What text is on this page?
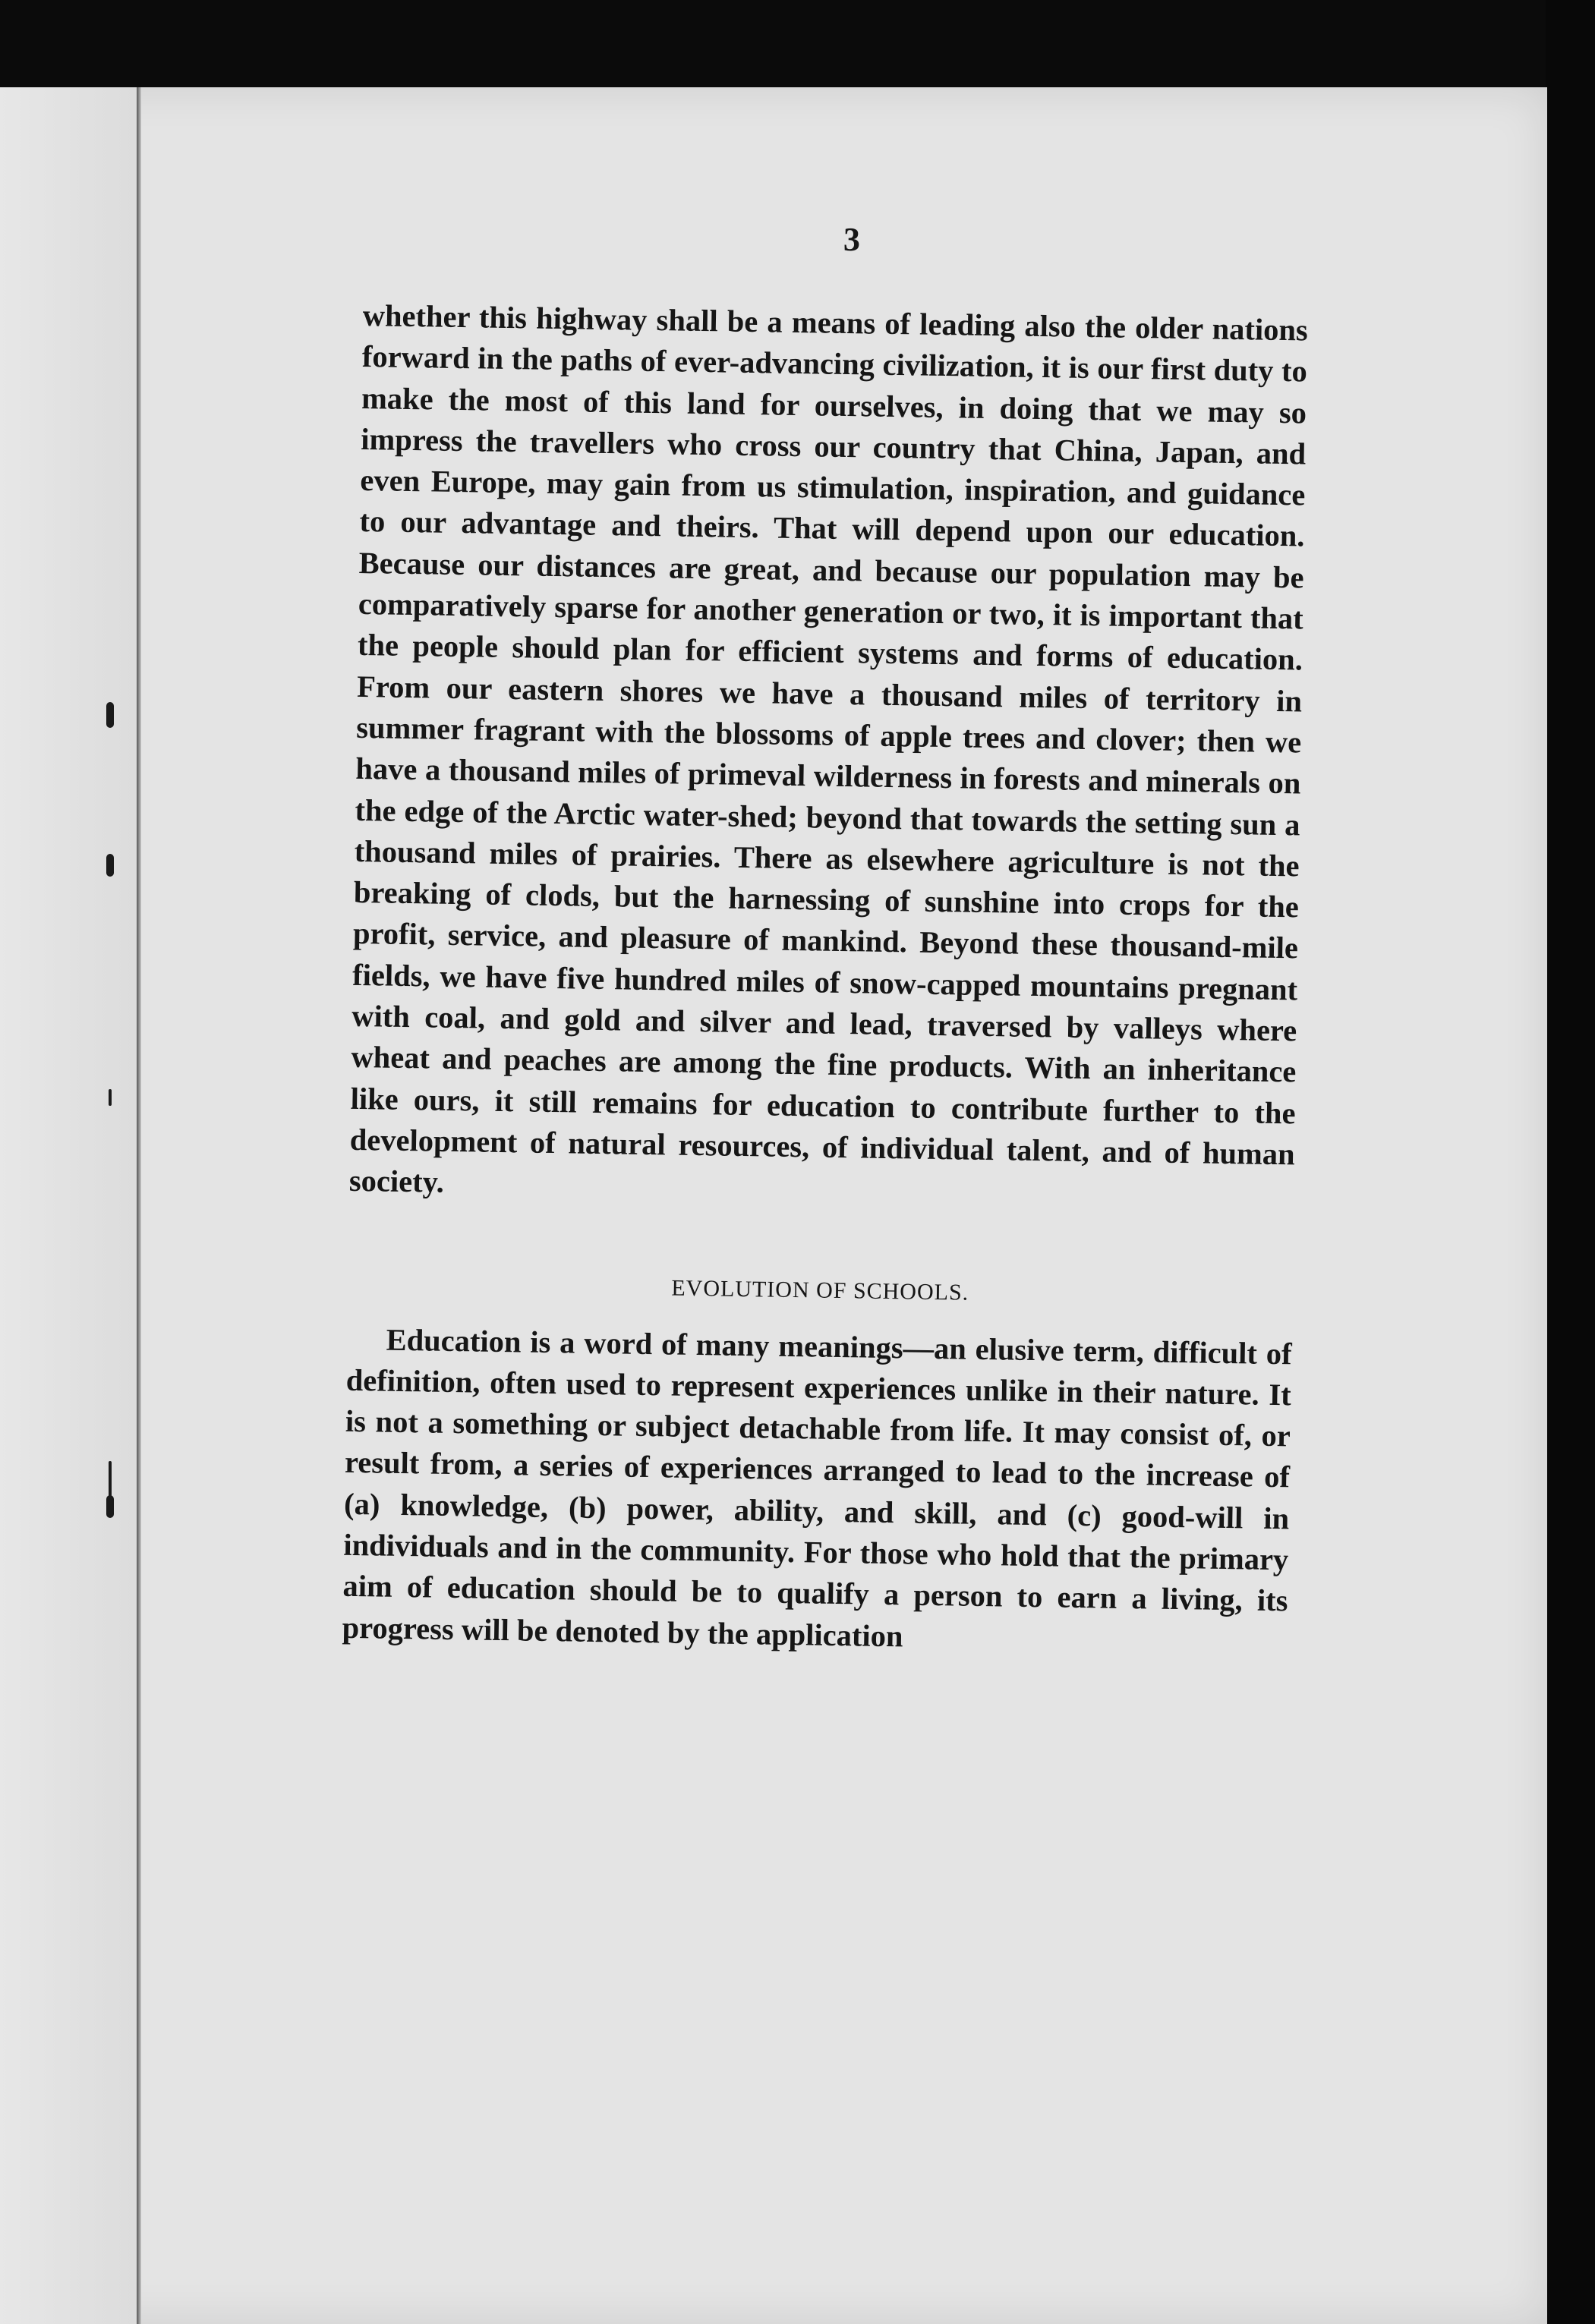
3

whether this highway shall be a means of leading also the older nations forward in the paths of ever-advancing civilization, it is our first duty to make the most of this land for ourselves, in doing that we may so impress the travellers who cross our country that China, Japan, and even Europe, may gain from us stimulation, inspiration, and guidance to our advantage and theirs. That will depend upon our education. Because our distances are great, and because our population may be comparatively sparse for another generation or two, it is important that the people should plan for efficient systems and forms of education. From our eastern shores we have a thousand miles of territory in summer fragrant with the blossoms of apple trees and clover; then we have a thousand miles of primeval wilderness in forests and minerals on the edge of the Arctic water-shed; beyond that towards the setting sun a thousand miles of prairies. There as elsewhere agriculture is not the breaking of clods, but the harnessing of sunshine into crops for the profit, service, and pleasure of mankind. Beyond these thousand-mile fields, we have five hundred miles of snow-capped mountains pregnant with coal, and gold and silver and lead, traversed by valleys where wheat and peaches are among the fine products. With an inheritance like ours, it still remains for education to contribute further to the development of natural resources, of individual talent, and of human society.

EVOLUTION OF SCHOOLS.

Education is a word of many meanings—an elusive term, difficult of definition, often used to represent experiences unlike in their nature. It is not a something or subject detachable from life. It may consist of, or result from, a series of experiences arranged to lead to the increase of (a) knowledge, (b) power, ability, and skill, and (c) good-will in individuals and in the community. For those who hold that the primary aim of education should be to qualify a person to earn a living, its progress will be denoted by the application
